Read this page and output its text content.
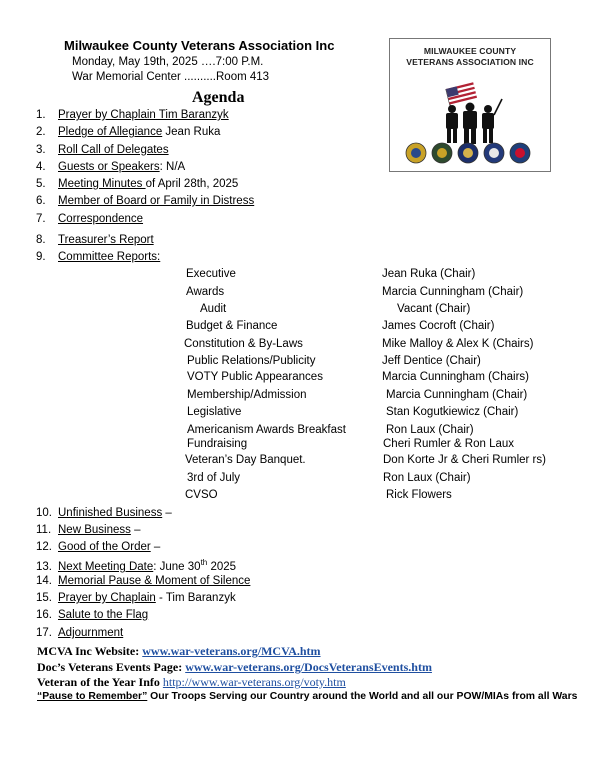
Milwaukee County Veterans Association Inc
Monday, May 19th, 2025 ….7:00 P.M.
War Memorial Center ..........Room 413
Agenda
MILWAUKEE COUNTY
VETERANS ASSOCIATION INC
1. Prayer by Chaplain Tim Baranzyk
2. Pledge of Allegiance Jean Ruka
3. Roll Call of Delegates
4. Guests or Speakers: N/A
5. Meeting Minutes of April 28th, 2025
6. Member of Board or Family in Distress
7. Correspondence
8. Treasurer’s Report
9. Committee Reports:
Executive	Jean Ruka (Chair)
Awards	Marcia Cunningham (Chair)
Audit	Vacant (Chair)
Budget & Finance	James Cocroft (Chair)
Constitution & By-Laws	Mike Malloy & Alex K (Chairs)
Public Relations/Publicity	Jeff Dentice (Chair)
VOTY Public Appearances	Marcia Cunningham (Chairs)
Membership/Admission	Marcia Cunningham (Chair)
Legislative	Stan Kogutkiewicz (Chair)
Americanism Awards Breakfast	Ron Laux (Chair)
Fundraising	Cheri Rumler & Ron Laux
Veteran’s Day Banquet.	Don Korte Jr & Cheri Rumler rs)
3rd of July	Ron Laux (Chair)
CVSO	Rick Flowers
10. Unfinished Business –
11. New Business –
12. Good of the Order –
13. Next Meeting Date: June 30th 2025
14. Memorial Pause & Moment of Silence
15. Prayer by Chaplain - Tim Baranzyk
16. Salute to the Flag
17. Adjournment
MCVA Inc Website: www.war-veterans.org/MCVA.htm
Doc’s Veterans Events Page: www.war-veterans.org/DocsVeteransEvents.htm
Veteran of the Year Info http://www.war-veterans.org/voty.htm
“Pause to Remember” Our Troops Serving our Country around the World and all our POW/MIAs from all Wars
